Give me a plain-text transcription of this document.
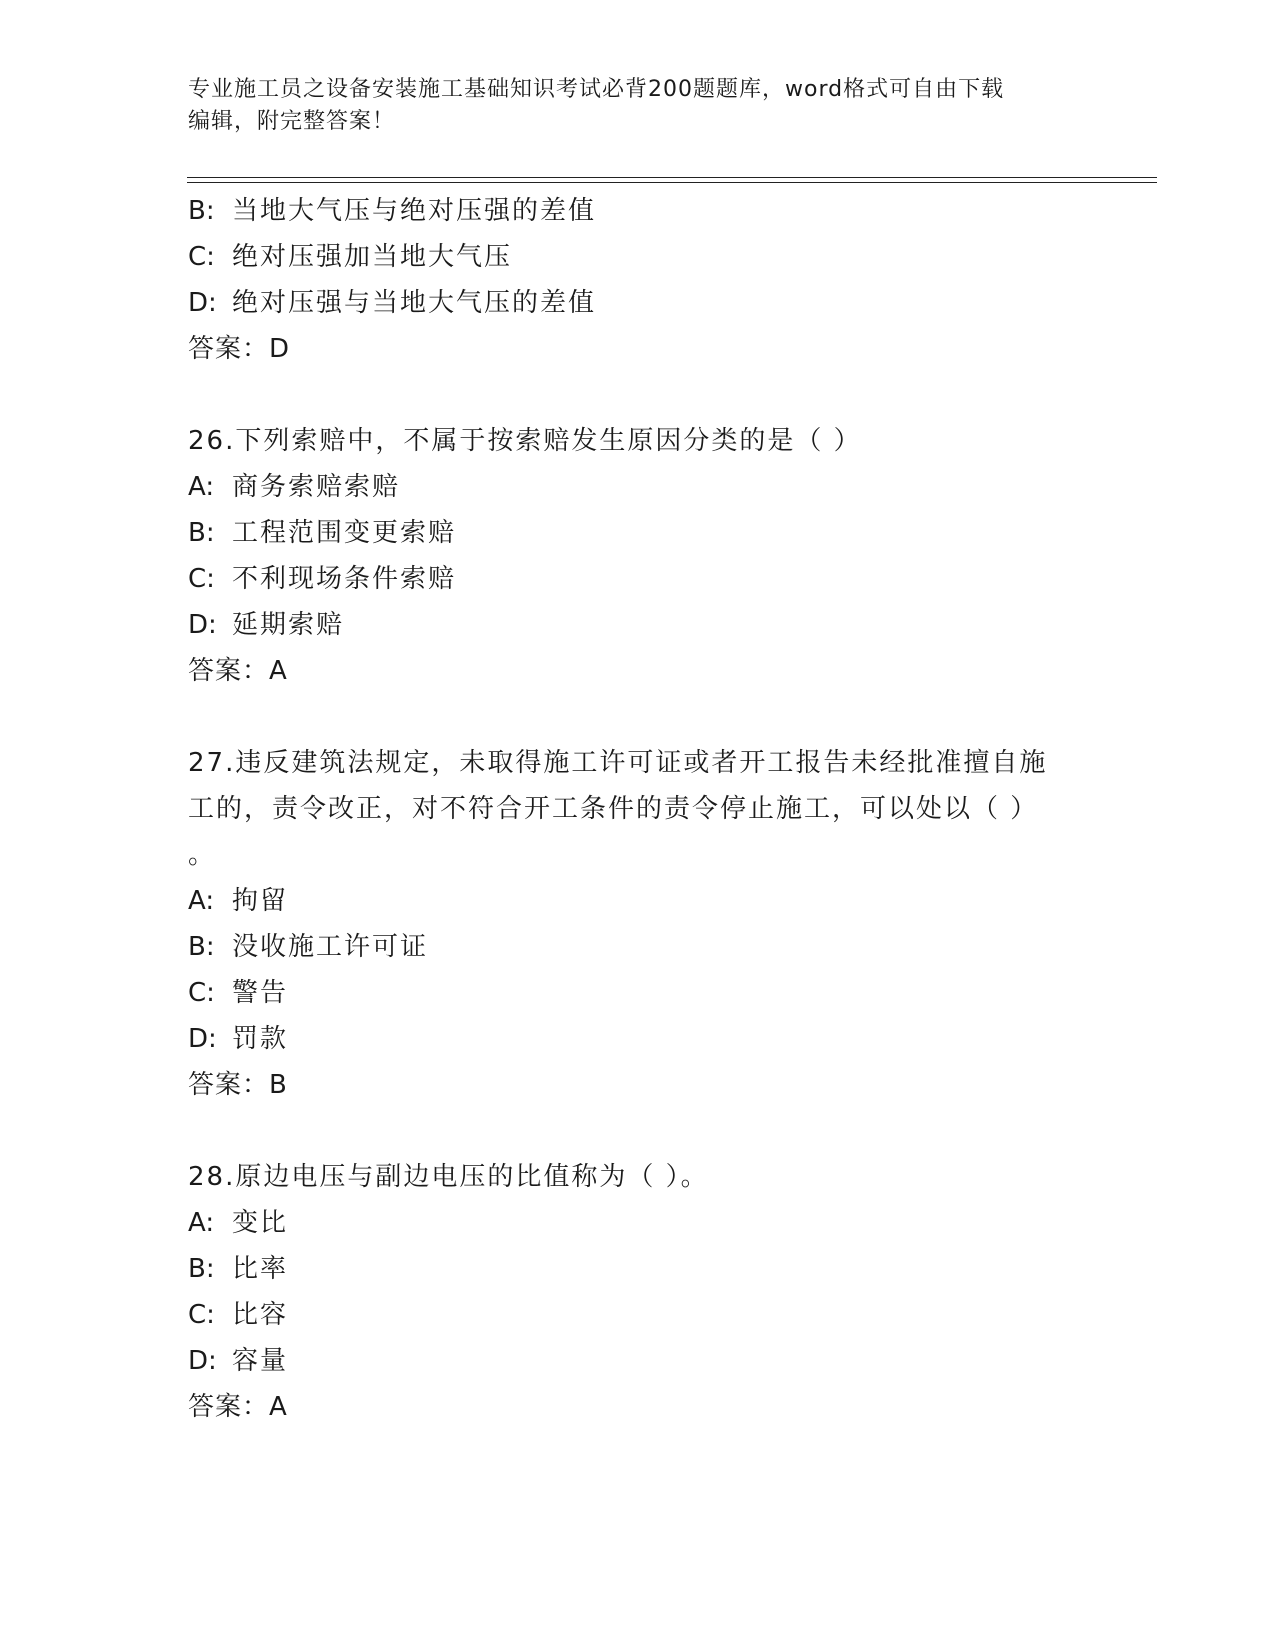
专业施工员之设备安装施工基础知识考试必背200题题库，word格式可自由下载
编辑，附完整答案！
B: 当地大气压与绝对压强的差值
C: 绝对压强加当地大气压
D: 绝对压强与当地大气压的差值
答案：D
26.下列索赔中，不属于按索赔发生原因分类的是（ ）
A: 商务索赔索赔
B: 工程范围变更索赔
C: 不利现场条件索赔
D: 延期索赔
答案：A
27.违反建筑法规定，未取得施工许可证或者开工报告未经批准擅自施
工的，责令改正，对不符合开工条件的责令停止施工，可以处以（ ）
。
A: 拘留
B: 没收施工许可证
C: 警告
D: 罚款
答案：B
28.原边电压与副边电压的比值称为（ ）。
A: 变比
B: 比率
C: 比容
D: 容量
答案：A
